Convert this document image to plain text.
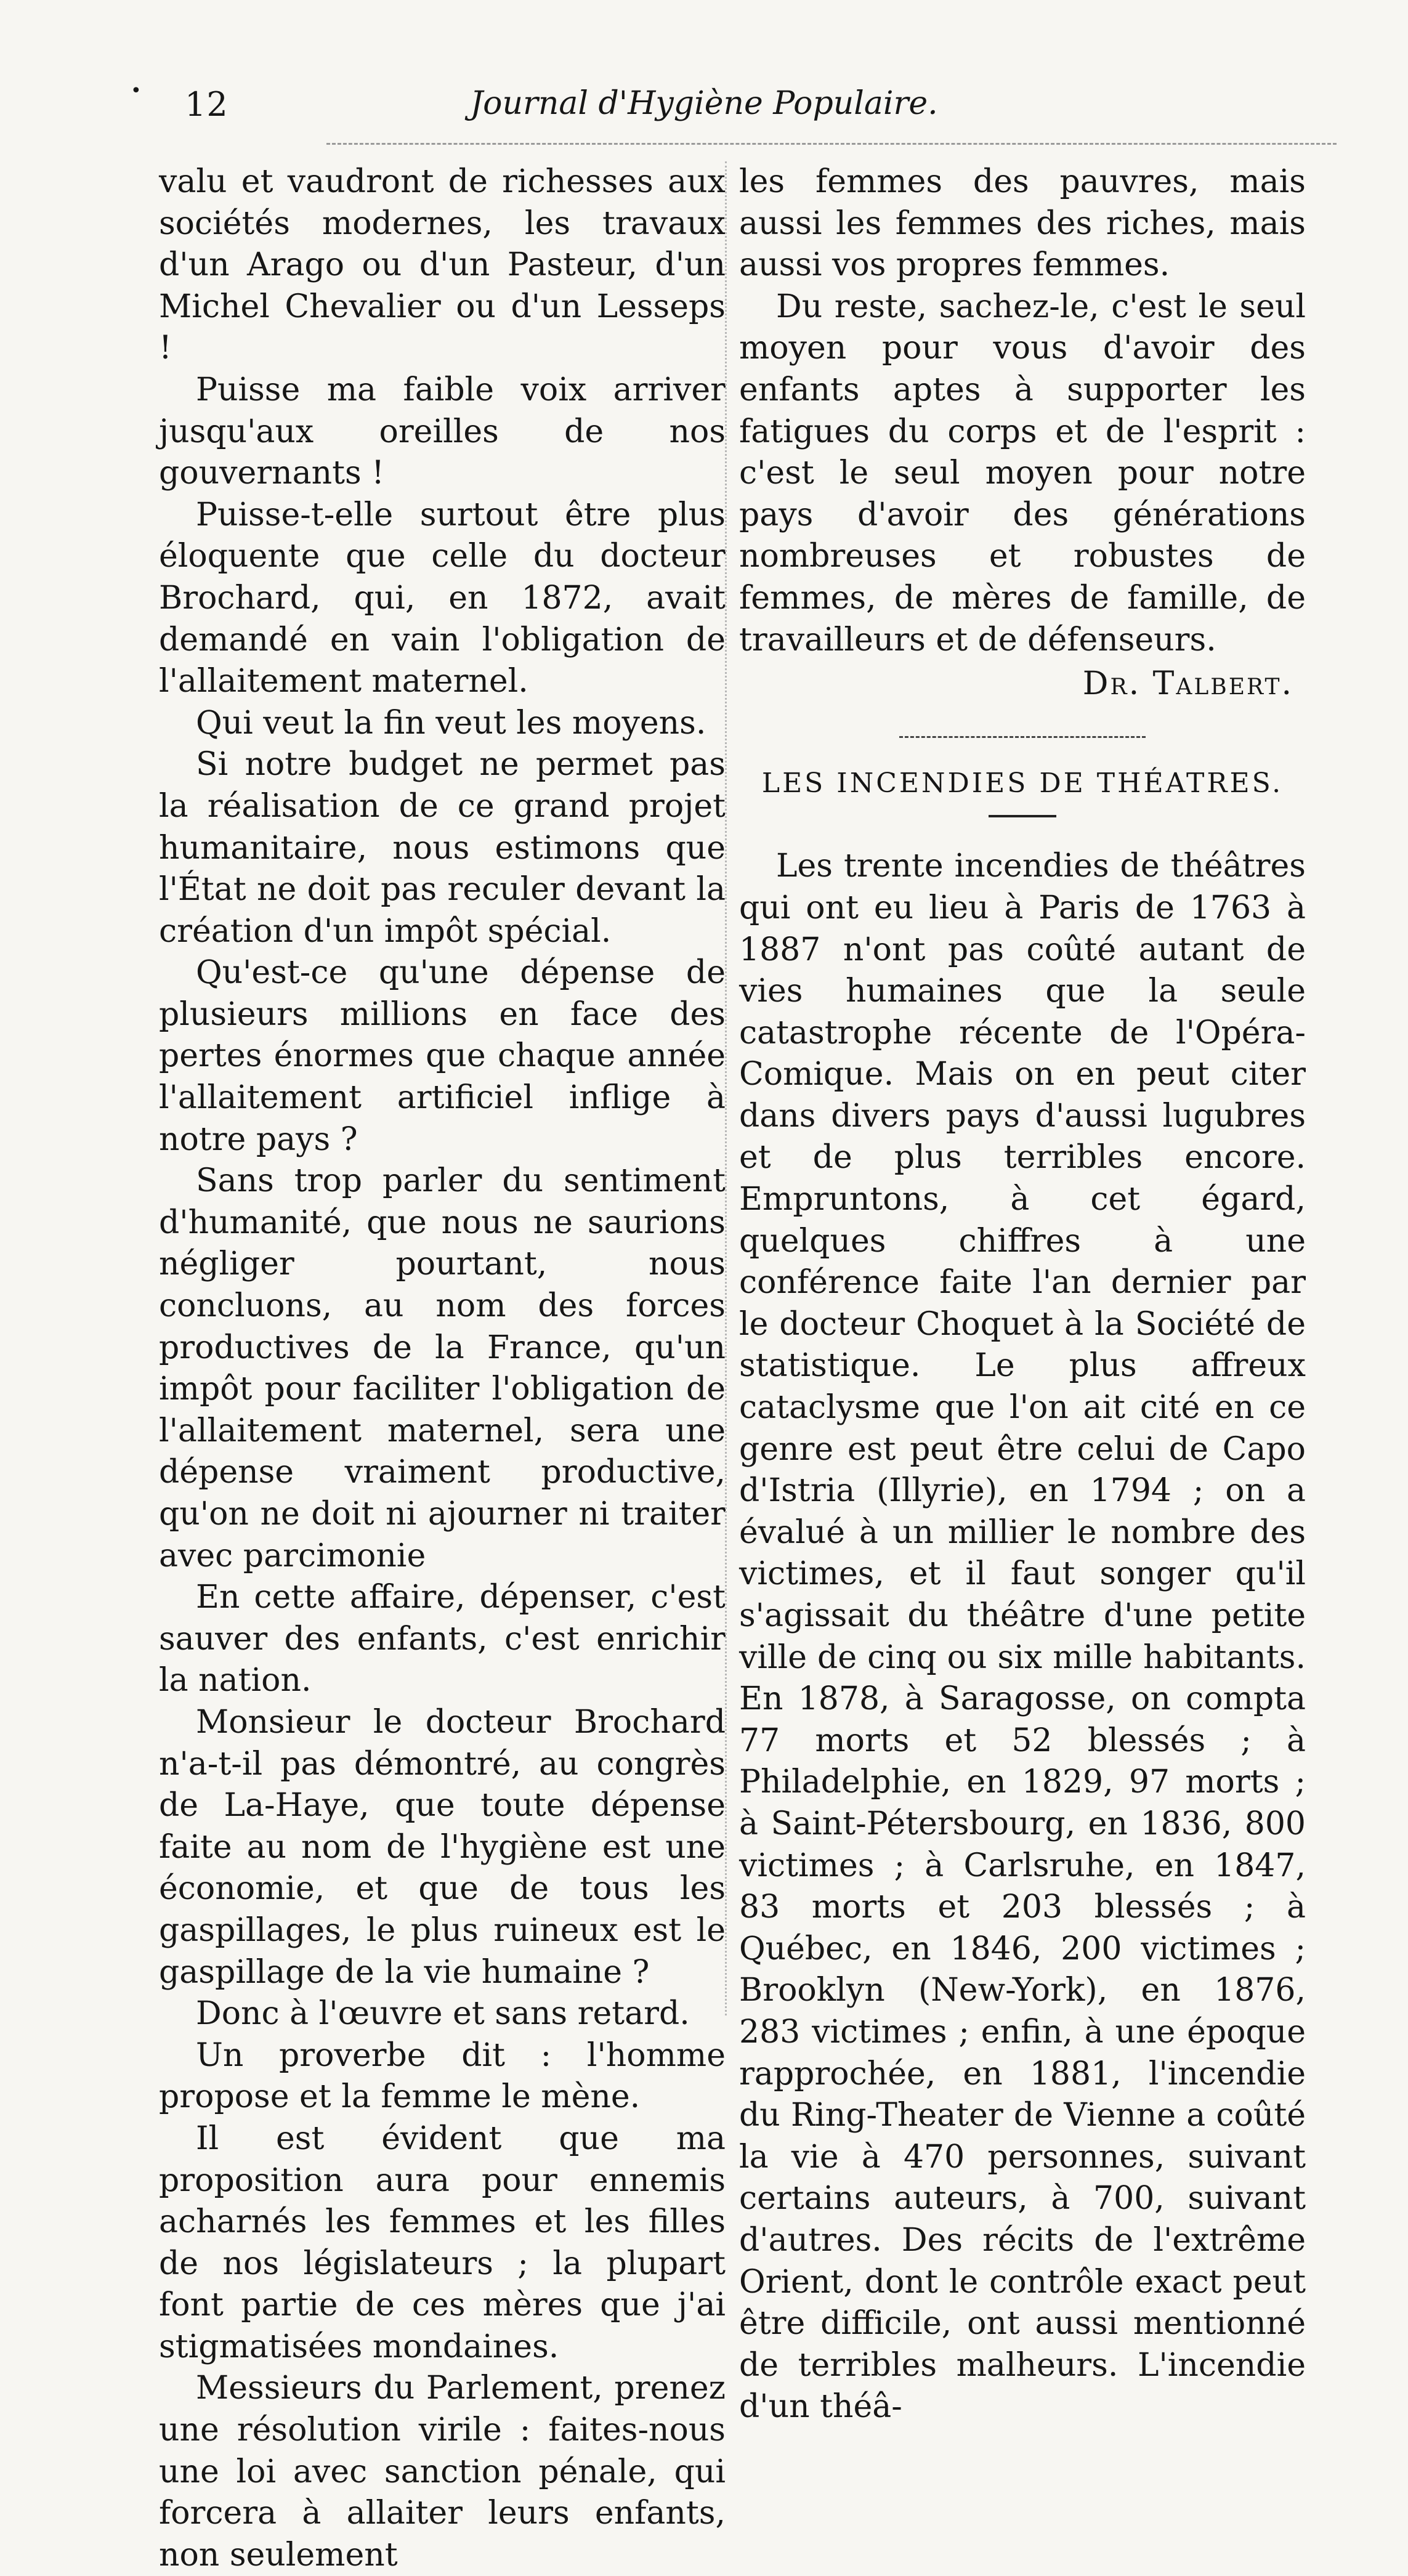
• 12	Journal d'Hygiène Populaire.

valu et vaudront de richesses aux sociétés modernes, les travaux d'un Arago ou d'un Pasteur, d'un Michel Chevalier ou d'un Lesseps !

Puisse ma faible voix arriver jusqu'aux oreilles de nos gouvernants !

Puisse-t-elle surtout être plus éloquente que celle du docteur Brochard, qui, en 1872, avait demandé en vain l'obligation de l'allaitement maternel.

Qui veut la fin veut les moyens.

Si notre budget ne permet pas la réalisation de ce grand projet humanitaire, nous estimons que l'État ne doit pas reculer devant la création d'un impôt spécial.

Qu'est-ce qu'une dépense de plusieurs millions en face des pertes énormes que chaque année l'allaitement artificiel inflige à notre pays ?

Sans trop parler du sentiment d'humanité, que nous ne saurions négliger pourtant, nous concluons, au nom des forces productives de la France, qu'un impôt pour faciliter l'obligation de l'allaitement maternel, sera une dépense vraiment productive, qu'on ne doit ni ajourner ni traiter avec parcimonie

En cette affaire, dépenser, c'est sauver des enfants, c'est enrichir la nation.

Monsieur le docteur Brochard n'a-t-il pas démontré, au congrès de La-Haye, que toute dépense faite au nom de l'hygiène est une économie, et que de tous les gaspillages, le plus ruineux est le gaspillage de la vie humaine ?

Donc à l'œuvre et sans retard.

Un proverbe dit : l'homme propose et la femme le mène.

Il est évident que ma proposition aura pour ennemis acharnés les femmes et les filles de nos législateurs ; la plupart font partie de ces mères que j'ai stigmatisées mondaines.

Messieurs du Parlement, prenez une résolution virile : faites-nous une loi avec sanction pénale, qui forcera à allaiter leurs enfants, non seulement

les femmes des pauvres, mais aussi les femmes des riches, mais aussi vos propres femmes.

Du reste, sachez-le, c'est le seul moyen pour vous d'avoir des enfants aptes à supporter les fatigues du corps et de l'esprit : c'est le seul moyen pour notre pays d'avoir des générations nombreuses et robustes de femmes, de mères de famille, de travailleurs et de défenseurs.

Dr. Talbert.

LES INCENDIES DE THÉATRES.

Les trente incendies de théâtres qui ont eu lieu à Paris de 1763 à 1887 n'ont pas coûté autant de vies humaines que la seule catastrophe récente de l'Opéra-Comique. Mais on en peut citer dans divers pays d'aussi lugubres et de plus terribles encore. Empruntons, à cet égard, quelques chiffres à une conférence faite l'an dernier par le docteur Choquet à la Société de statistique. Le plus affreux cataclysme que l'on ait cité en ce genre est peut être celui de Capo d'Istria (Illyrie), en 1794 ; on a évalué à un millier le nombre des victimes, et il faut songer qu'il s'agissait du théâtre d'une petite ville de cinq ou six mille habitants. En 1878, à Saragosse, on compta 77 morts et 52 blessés ; à Philadelphie, en 1829, 97 morts ; à Saint-Pétersbourg, en 1836, 800 victimes ; à Carlsruhe, en 1847, 83 morts et 203 blessés ; à Québec, en 1846, 200 victimes ; Brooklyn (New-York), en 1876, 283 victimes ; enfin, à une époque rapprochée, en 1881, l'incendie du Ring-Theater de Vienne a coûté la vie à 470 personnes, suivant certains auteurs, à 700, suivant d'autres. Des récits de l'extrême Orient, dont le contrôle exact peut être difficile, ont aussi mentionné de terribles malheurs. L'incendie d'un théâ-
